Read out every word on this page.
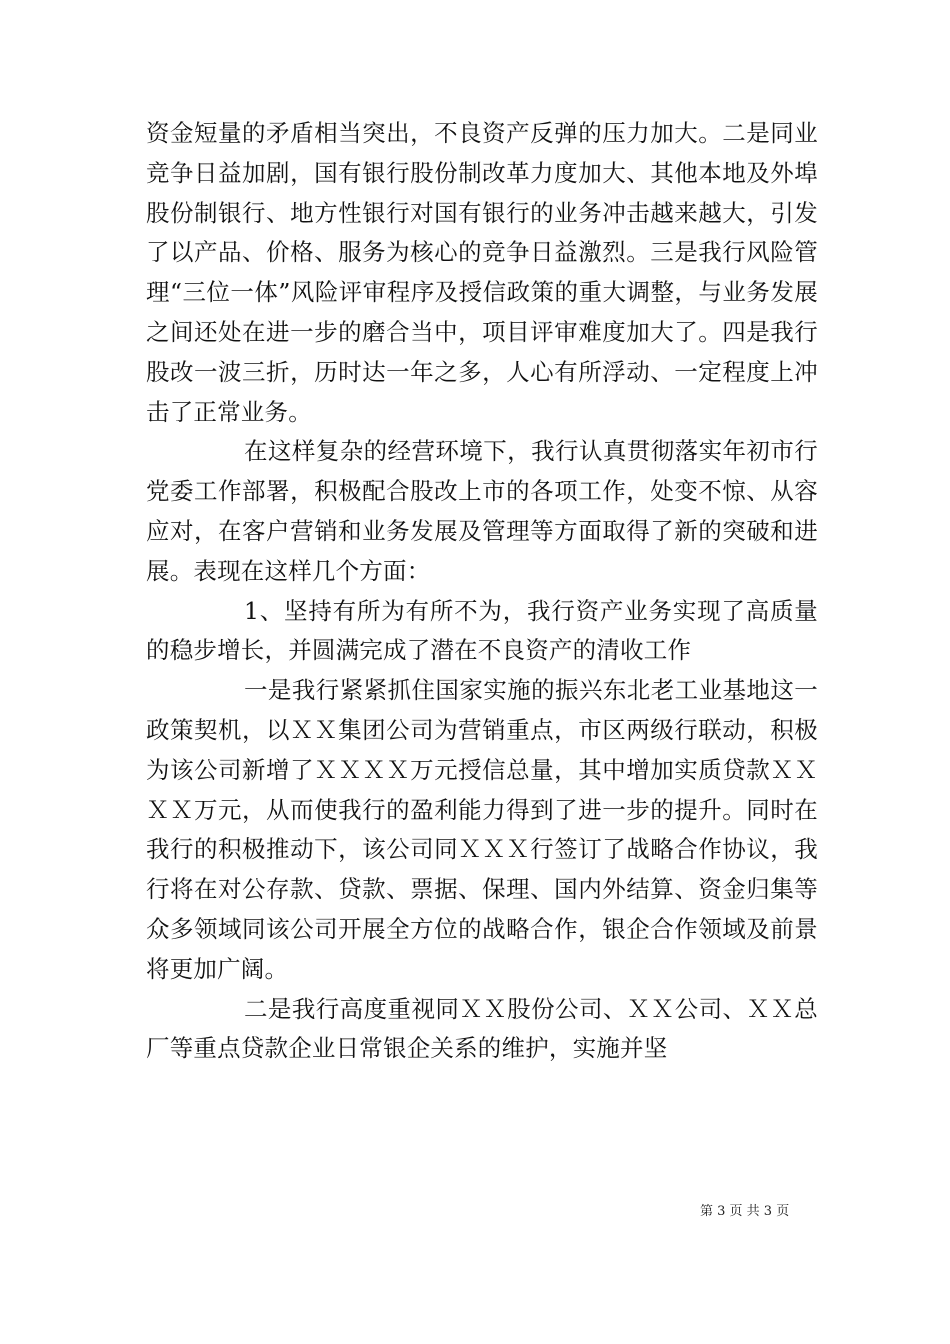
资金短量的矛盾相当突出，不良资产反弹的压力加大。二是同业竞争日益加剧，国有银行股份制改革力度加大、其他本地及外埠股份制银行、地方性银行对国有银行的业务冲击越来越大，引发了以产品、价格、服务为核心的竞争日益激烈。三是我行风险管理“三位一体”风险评审程序及授信政策的重大调整，与业务发展之间还处在进一步的磨合当中，项目评审难度加大了。四是我行股改一波三折，历时达一年之多，人心有所浮动、一定程度上冲击了正常业务。

在这样复杂的经营环境下，我行认真贯彻落实年初市行党委工作部署，积极配合股改上市的各项工作，处变不惊、从容应对，在客户营销和业务发展及管理等方面取得了新的突破和进展。表现在这样几个方面：

1、坚持有所为有所不为，我行资产业务实现了高质量的稳步增长，并圆满完成了潜在不良资产的清收工作

一是我行紧紧抓住国家实施的振兴东北老工业基地这一政策契机，以ＸＸ集团公司为营销重点，市区两级行联动，积极为该公司新增了ＸＸＸＸ万元授信总量，其中增加实质贷款ＸＸＸＸ万元，从而使我行的盈利能力得到了进一步的提升。同时在我行的积极推动下，该公司同ＸＸＸ行签订了战略合作协议，我行将在对公存款、贷款、票据、保理、国内外结算、资金归集等众多领域同该公司开展全方位的战略合作，银企合作领域及前景将更加广阔。

二是我行高度重视同ＸＸ股份公司、ＸＸ公司、ＸＸ总厂等重点贷款企业日常银企关系的维护，实施并坚

第 3 页 共 3 页
